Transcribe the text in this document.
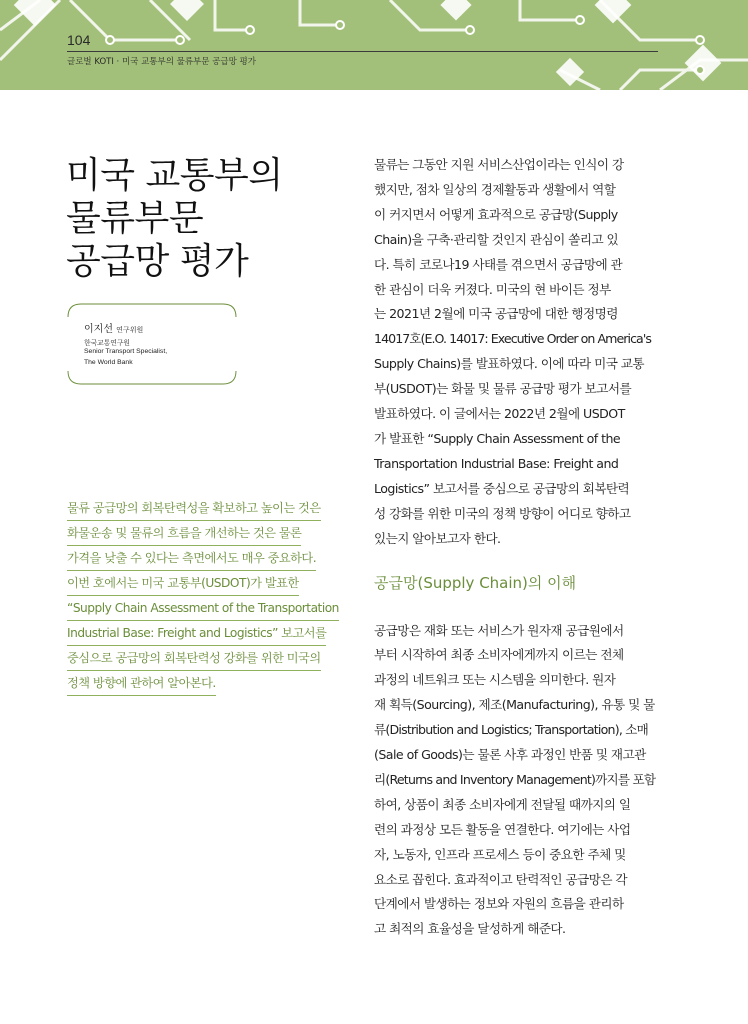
104
글로벌 KOTI · 미국 교통부의 물류부문 공급망 평가
미국 교통부의
물류부문
공급망 평가
이지선 연구위원
한국교통연구원
Senior Transport Specialist,
The World Bank
물류 공급망의 회복탄력성을 확보하고 높이는 것은
화물운송 및 물류의 흐름을 개선하는 것은 물론
가격을 낮출 수 있다는 측면에서도 매우 중요하다.
이번 호에서는 미국 교통부(USDOT)가 발표한
“Supply Chain Assessment of the Transportation
Industrial Base: Freight and Logistics” 보고서를
중심으로 공급망의 회복탄력성 강화를 위한 미국의
정책 방향에 관하여 알아본다.
물류는 그동안 지원 서비스산업이라는 인식이 강
했지만, 점차 일상의 경제활동과 생활에서 역할
이 커지면서 어떻게 효과적으로 공급망(Supply
Chain)을 구축·관리할 것인지 관심이 쏠리고 있
다. 특히 코로나19 사태를 겪으면서 공급망에 관
한 관심이 더욱 커졌다. 미국의 현 바이든 정부
는 2021년 2월에 미국 공급망에 대한 행정명령
14017호(E.O. 14017: Executive Order on America's
Supply Chains)를 발표하였다. 이에 따라 미국 교통
부(USDOT)는 화물 및 물류 공급망 평가 보고서를
발표하였다. 이 글에서는 2022년 2월에 USDOT
가 발표한 “Supply Chain Assessment of the
Transportation Industrial Base: Freight and
Logistics” 보고서를 중심으로 공급망의 회복탄력
성 강화를 위한 미국의 정책 방향이 어디로 향하고
있는지 알아보고자 한다.
공급망(Supply Chain)의 이해
공급망은 재화 또는 서비스가 원자재 공급원에서
부터 시작하여 최종 소비자에게까지 이르는 전체
과정의 네트워크 또는 시스템을 의미한다. 원자
재 획득(Sourcing), 제조(Manufacturing), 유통 및 물
류(Distribution and Logistics; Transportation), 소매
(Sale of Goods)는 물론 사후 과정인 반품 및 재고관
리(Returns and Inventory Management)까지를 포함
하여, 상품이 최종 소비자에게 전달될 때까지의 일
련의 과정상 모든 활동을 연결한다. 여기에는 사업
자, 노동자, 인프라 프로세스 등이 중요한 주체 및
요소로 꼽힌다. 효과적이고 탄력적인 공급망은 각
단계에서 발생하는 정보와 자원의 흐름을 관리하
고 최적의 효율성을 달성하게 해준다.
